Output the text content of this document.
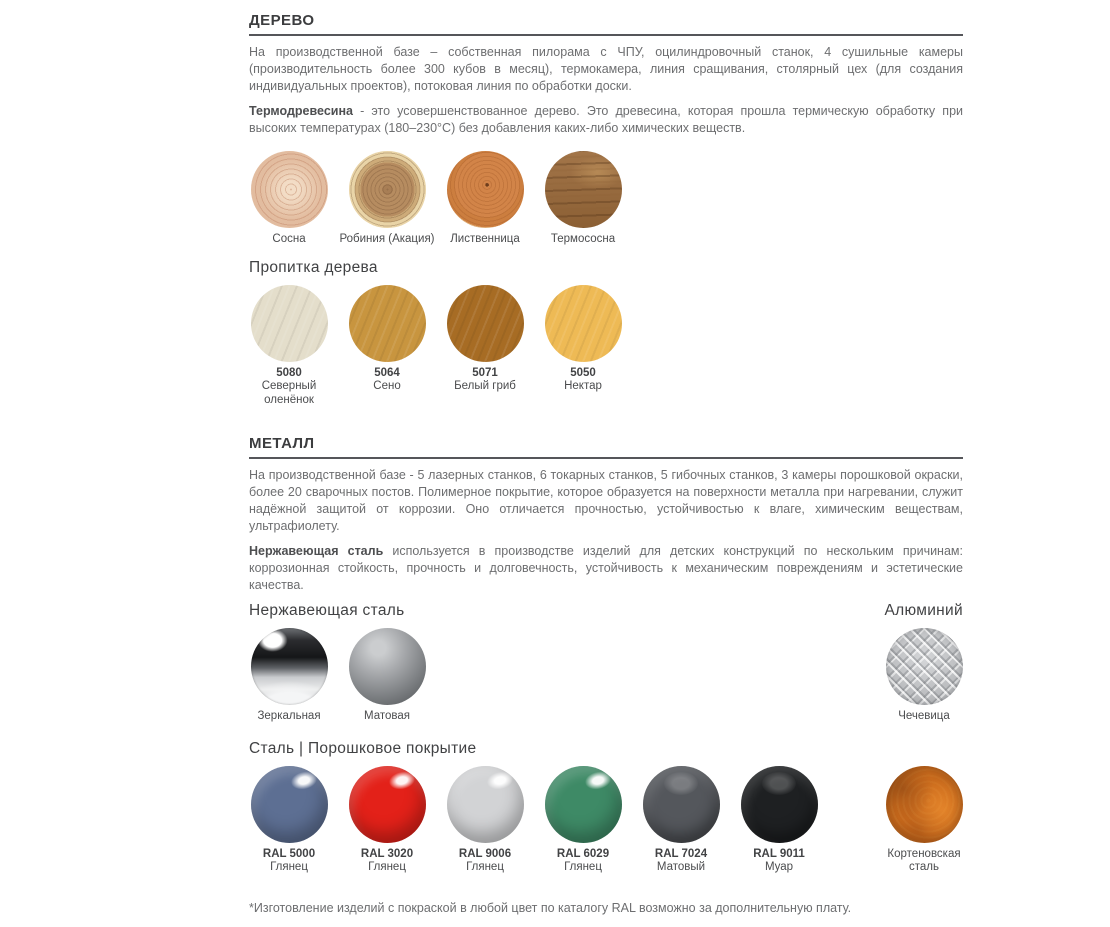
ДЕРЕВО

На производственной базе – собственная пилорама с ЧПУ, оцилиндровочный станок, 4 сушильные камеры (производительность более 300 кубов в месяц), термокамера, линия сращивания, столярный цех (для создания индивидуальных проектов), потоковая линия по обработки доски.

Термодревесина - это усовершенствованное дерево. Это древесина, которая прошла термическую обработку при высоких температурах (180–230°C) без добавления каких-либо химических веществ.

Сосна	Робиния (Акация)	Лиственница	Термососна
Пропитка дерева
5080
Северный оленёнок
5064
Сено
5071
Белый гриб
5050
Нектар
МЕТАЛЛ

На производственной базе - 5 лазерных станков, 6 токарных станков, 5 гибочных станков, 3 камеры порошковой окраски, более 20 сварочных постов. Полимерное покрытие, которое образуется на поверхности металла при нагревании, служит надёжной защитой от коррозии. Оно отличается прочностью, устойчивостью к влаге, химическим веществам, ультрафиолету.

Нержавеющая сталь используется в производстве изделий для детских конструкций по нескольким причинам: коррозионная стойкость, прочность и долговечность, устойчивость к механическим повреждениям и эстетические качества.

Нержавеющая сталь	Алюминий
Зеркальная	Матовая	Чечевица
Сталь | Порошковое покрытие
RAL 5000
Глянец
RAL 3020
Глянец
RAL 9006
Глянец
RAL 6029
Глянец
RAL 7024
Матовый
RAL 9011
Муар
Кортеновская сталь

*Изготовление изделий с покраской в любой цвет по каталогу RAL возможно за дополнительную плату.
